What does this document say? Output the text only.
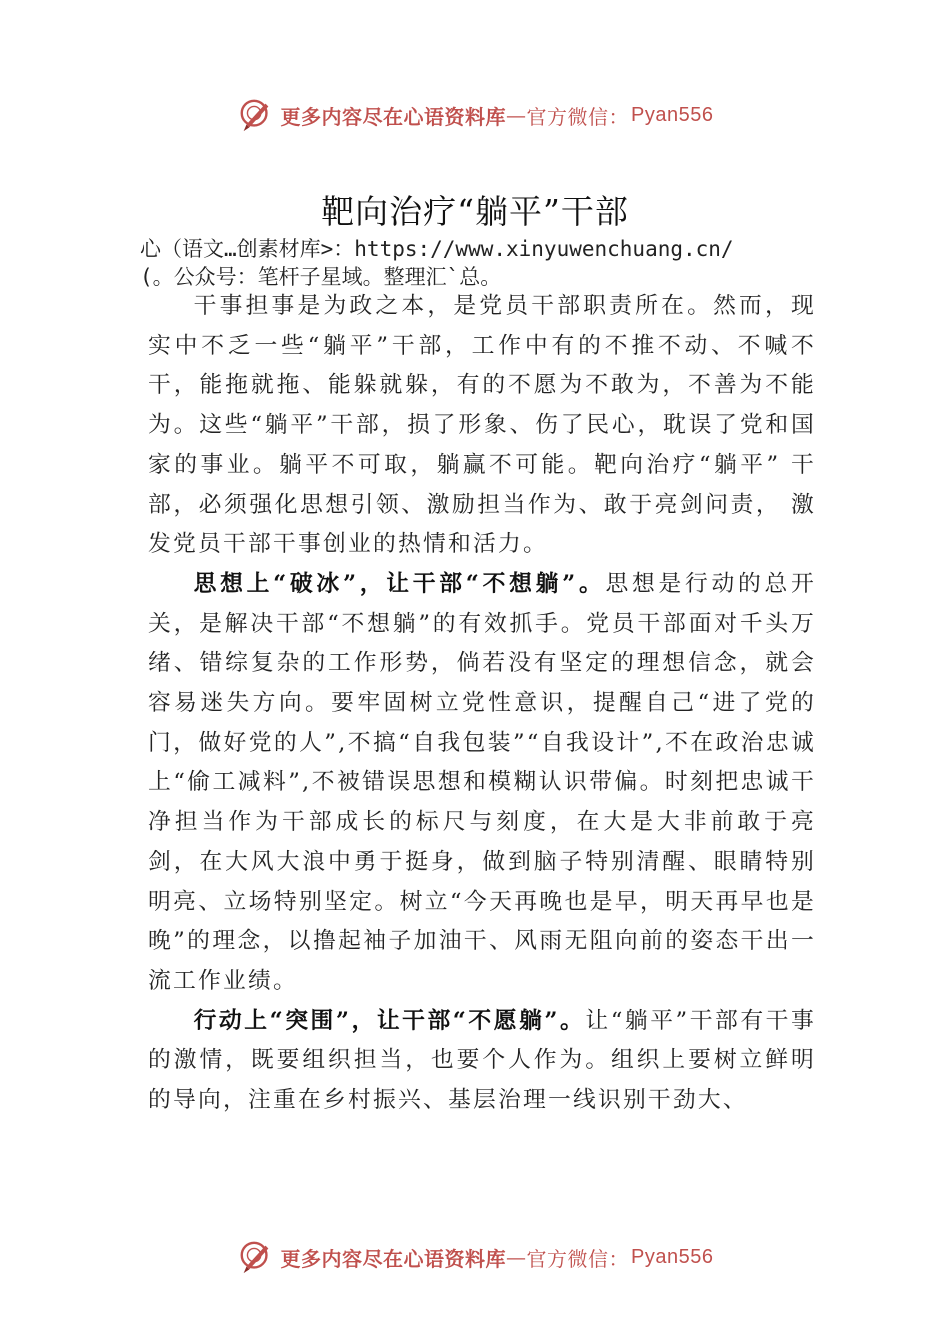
更多内容尽在心语资料库 — 官方微信： Pyan556
靶向治疗“躺平”干部
心（语文…创素材库>：https://www.xinyuwenchuang.cn/
(。公众号：笔杆子星域。整理汇`总。

干事担事是为政之本，是党员干部职责所在。然而，现实中不乏一些“躺平”干部，工作中有的不推不动、不喊不干，能拖就拖、能躲就躲，有的不愿为不敢为，不善为不能为。这些“躺平”干部，损了形象、伤了民心，耽误了党和国家的事业。躺平不可取，躺赢不可能。靶向治疗“躺平” 干部，必须强化思想引领、激励担当作为、敢于亮剑问责， 激发党员干部干事创业的热情和活力。

思想上“破冰”，让干部“不想躺”。思想是行动的总开关，是解决干部“不想躺”的有效抓手。党员干部面对千头万绪、错综复杂的工作形势，倘若没有坚定的理想信念，就会容易迷失方向。要牢固树立党性意识，提醒自己“进了党的门，做好党的人”,不搞“自我包装”“自我设计”,不在政治忠诚上“偷工减料”,不被错误思想和模糊认识带偏。时刻把忠诚干净担当作为干部成长的标尺与刻度，在大是大非前敢于亮剑，在大风大浪中勇于挺身，做到脑子特别清醒、眼睛特别明亮、立场特别坚定。树立“今天再晚也是早，明天再早也是晚”的理念，以撸起袖子加油干、风雨无阻向前的姿态干出一流工作业绩。

行动上“突围”，让干部“不愿躺”。让“躺平”干部有干事的激情，既要组织担当，也要个人作为。组织上要树立鲜明的导向，注重在乡村振兴、基层治理一线识别干劲大、

更多内容尽在心语资料库 — 官方微信： Pyan556
